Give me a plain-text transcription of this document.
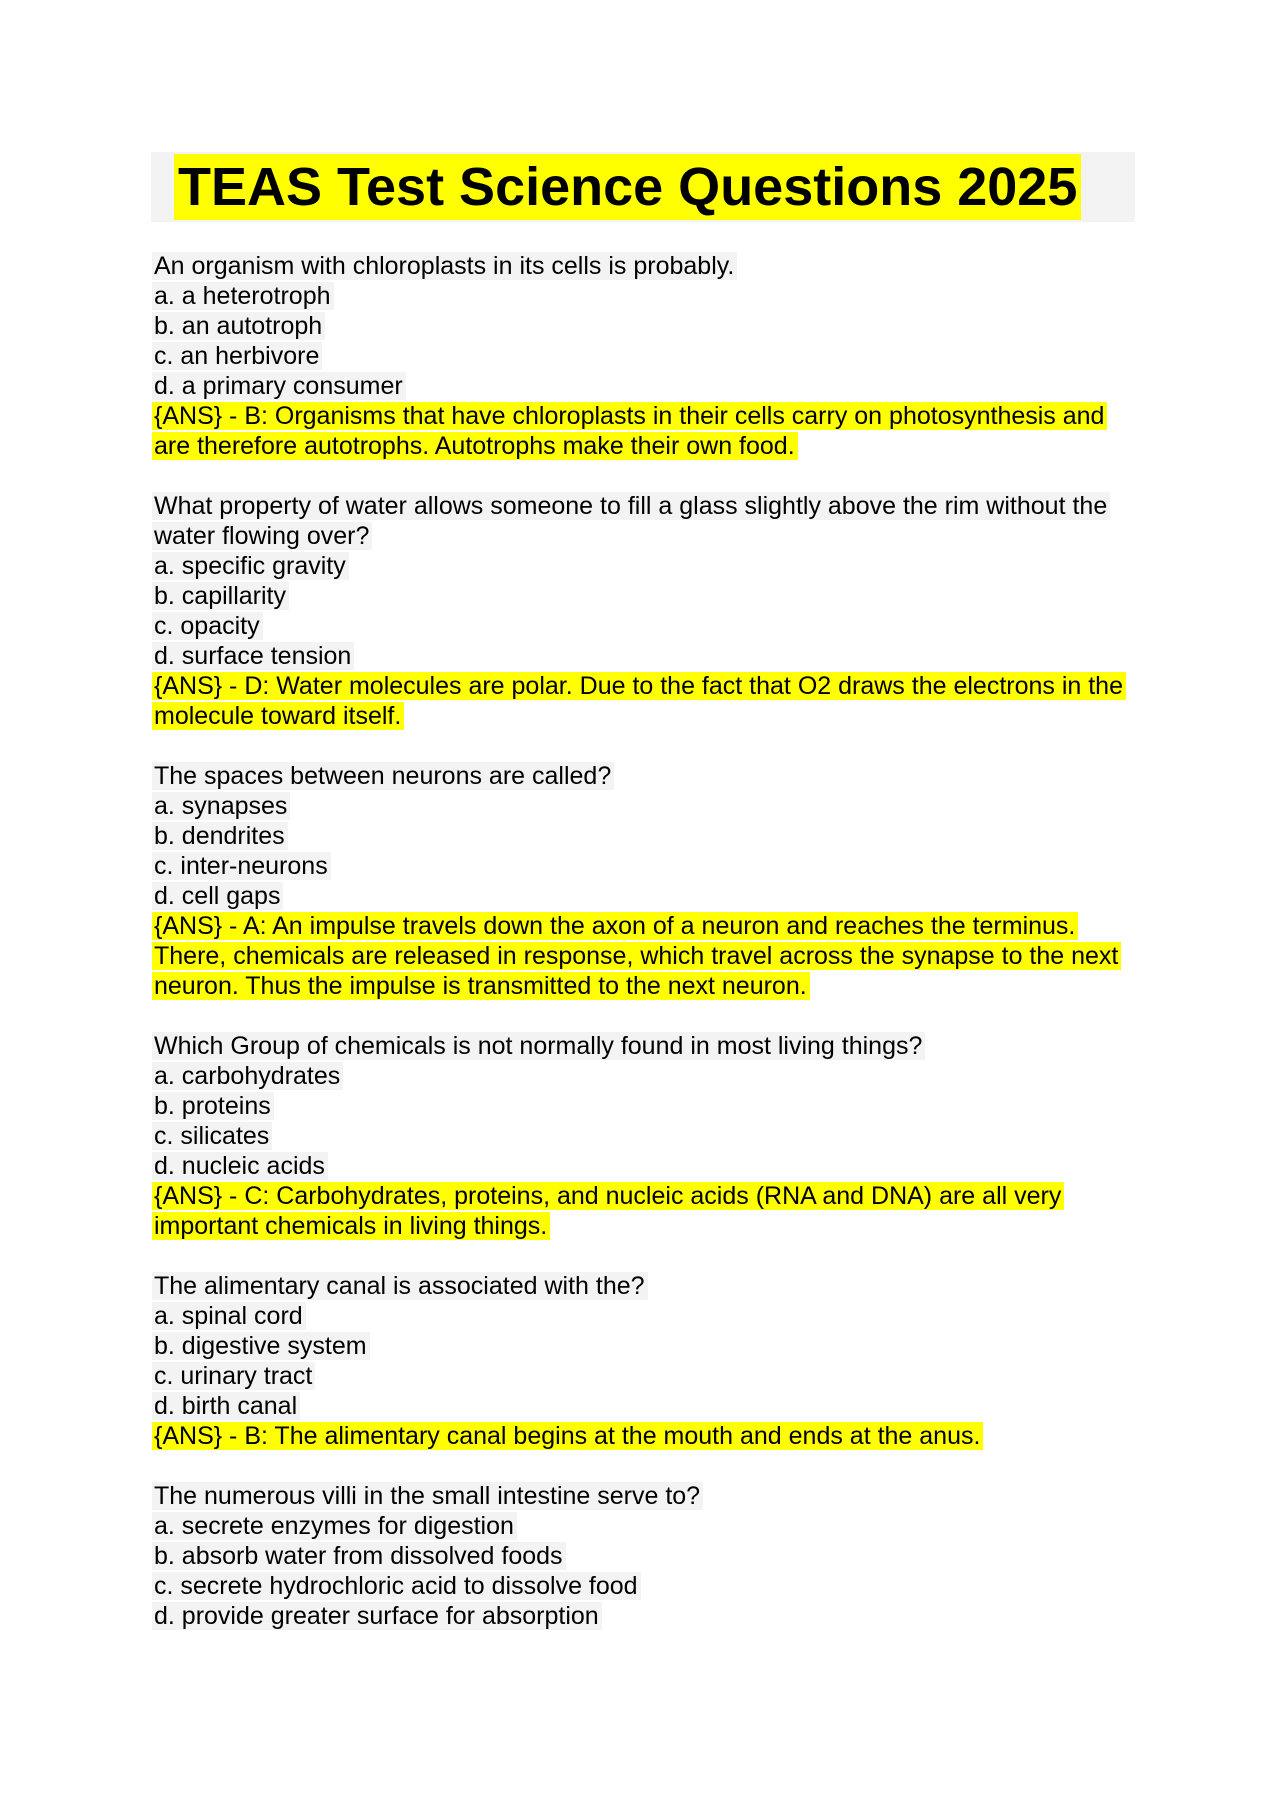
TEAS Test Science Questions 2025
An organism with chloroplasts in its cells is probably.
a. a heterotroph
b. an autotroph
c. an herbivore
d. a primary consumer
{ANS} - B: Organisms that have chloroplasts in their cells carry on photosynthesis and are therefore autotrophs. Autotrophs make their own food.
What property of water allows someone to fill a glass slightly above the rim without the water flowing over?
a. specific gravity
b. capillarity
c. opacity
d. surface tension
{ANS} - D: Water molecules are polar. Due to the fact that O2 draws the electrons in the molecule toward itself.
The spaces between neurons are called?
a. synapses
b. dendrites
c. inter-neurons
d. cell gaps
{ANS} - A: An impulse travels down the axon of a neuron and reaches the terminus. There, chemicals are released in response, which travel across the synapse to the next neuron. Thus the impulse is transmitted to the next neuron.
Which Group of chemicals is not normally found in most living things?
a. carbohydrates
b. proteins
c. silicates
d. nucleic acids
{ANS} - C: Carbohydrates, proteins, and nucleic acids (RNA and DNA) are all very important chemicals in living things.
The alimentary canal is associated with the?
a. spinal cord
b. digestive system
c. urinary tract
d. birth canal
{ANS} - B: The alimentary canal begins at the mouth and ends at the anus.
The numerous villi in the small intestine serve to?
a. secrete enzymes for digestion
b. absorb water from dissolved foods
c. secrete hydrochloric acid to dissolve food
d. provide greater surface for absorption
